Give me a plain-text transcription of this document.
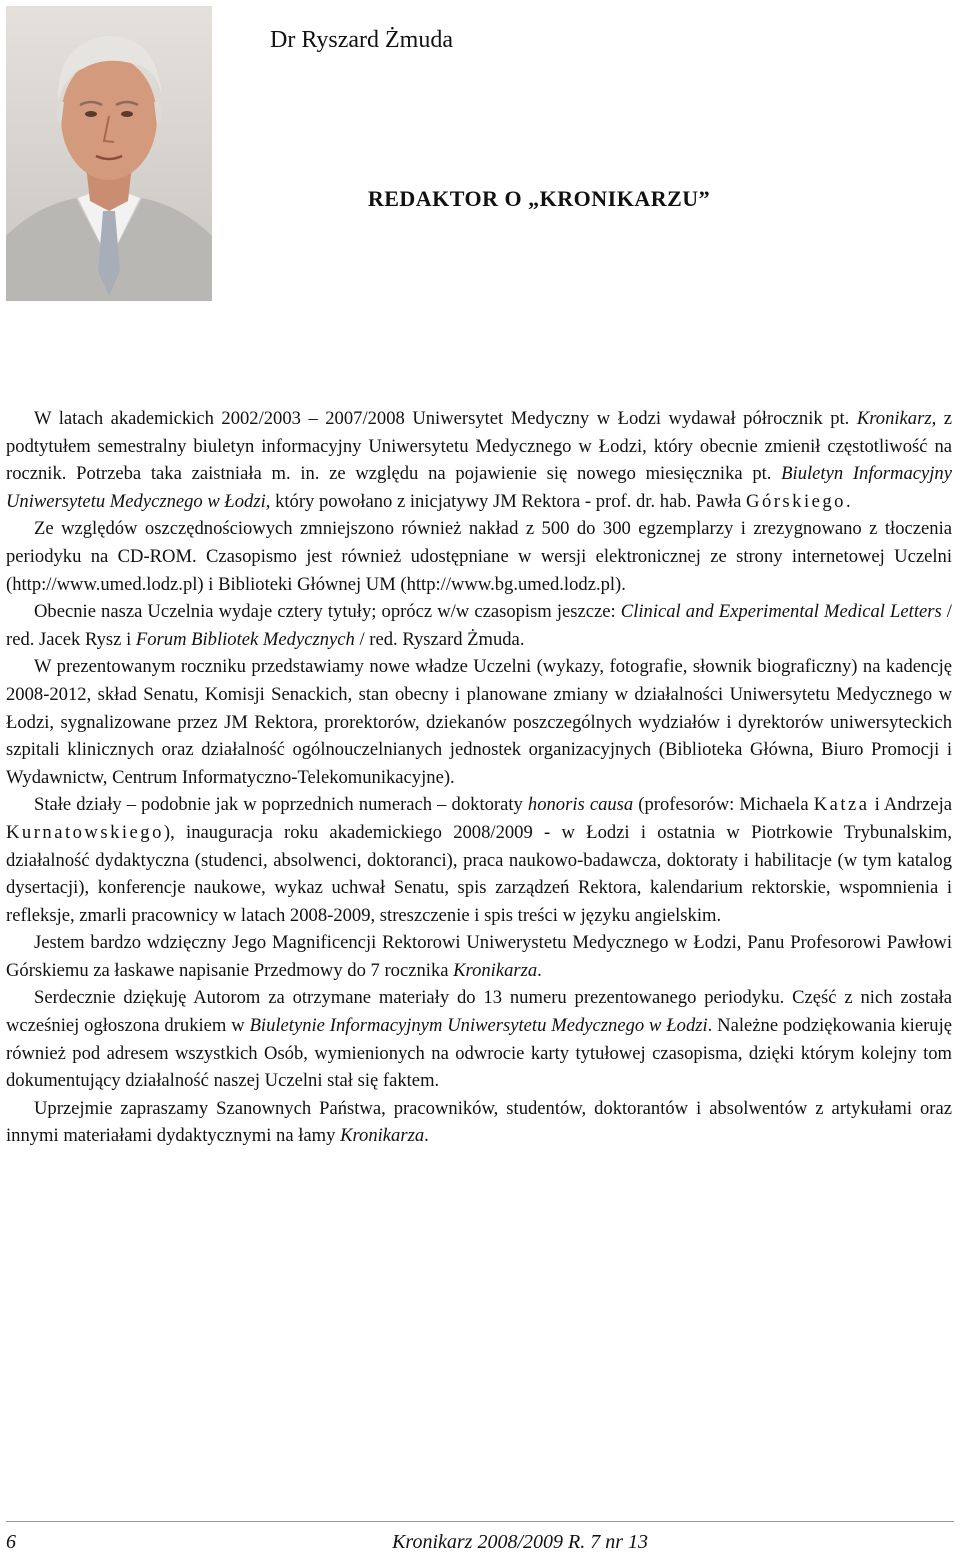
Dr Ryszard Żmuda
REDAKTOR O „KRONIKARZU”

W latach akademickich 2002/2003 – 2007/2008 Uniwersytet Medyczny w Łodzi wydawał półrocznik pt. Kronikarz, z podtytułem semestralny biuletyn informacyjny Uniwersytetu Medycznego w Łodzi, który obecnie zmienił częstotliwość na rocznik. Potrzeba taka zaistniała m. in. ze względu na pojawienie się nowego miesięcznika pt. Biuletyn Informacyjny Uniwersytetu Medycznego w Łodzi, który powołano z inicjatywy JM Rektora - prof. dr. hab. Pawła Górskiego.

Ze względów oszczędnościowych zmniejszono również nakład z 500 do 300 egzemplarzy i zrezygnowano z tłoczenia periodyku na CD-ROM. Czasopismo jest również udostępniane w wersji elektronicznej ze strony internetowej Uczelni (http://www.umed.lodz.pl) i Biblioteki Głównej UM (http://www.bg.umed.lodz.pl).

Obecnie nasza Uczelnia wydaje cztery tytuły; oprócz w/w czasopism jeszcze: Clinical and Experimental Medical Letters / red. Jacek Rysz i Forum Bibliotek Medycznych / red. Ryszard Żmuda.

W prezentowanym roczniku przedstawiamy nowe władze Uczelni (wykazy, fotografie, słownik biograficzny) na kadencję 2008-2012, skład Senatu, Komisji Senackich, stan obecny i planowane zmiany w działalności Uniwersytetu Medycznego w Łodzi, sygnalizowane przez JM Rektora, prorektorów, dziekanów poszczególnych wydziałów i dyrektorów uniwersyteckich szpitali klinicznych oraz działalność ogólnouczelnianych jednostek organizacyjnych (Biblioteka Główna, Biuro Promocji i Wydawnictw, Centrum Informatyczno-Telekomunikacyjne).

Stałe działy – podobnie jak w poprzednich numerach – doktoraty honoris causa (profesorów: Michaela Katza i Andrzeja Kurnatowskiego), inauguracja roku akademickiego 2008/2009 - w Łodzi i ostatnia w Piotrkowie Trybunalskim, działalność dydaktyczna (studenci, absolwenci, doktoranci), praca naukowo-badawcza, doktoraty i habilitacje (w tym katalog dysertacji), konferencje naukowe, wykaz uchwał Senatu, spis zarządzeń Rektora, kalendarium rektorskie, wspomnienia i refleksje, zmarli pracownicy w latach 2008-2009, streszczenie i spis treści w języku angielskim.

Jestem bardzo wdzięczny Jego Magnificencji Rektorowi Uniwerystetu Medycznego w Łodzi, Panu Profesorowi Pawłowi Górskiemu za łaskawe napisanie Przedmowy do 7 rocznika Kronikarza.

Serdecznie dziękuję Autorom za otrzymane materiały do 13 numeru prezentowanego periodyku. Część z nich została wcześniej ogłoszona drukiem w Biuletynie Informacyjnym Uniwersytetu Medycznego w Łodzi. Należne podziękowania kieruję również pod adresem wszystkich Osób, wymienionych na odwrocie karty tytułowej czasopisma, dzięki którym kolejny tom dokumentujący działalność naszej Uczelni stał się faktem.

Uprzejmie zapraszamy Szanownych Państwa, pracowników, studentów, doktorantów i absolwentów z artykułami oraz innymi materiałami dydaktycznymi na łamy Kronikarza.

6	Kronikarz 2008/2009 R. 7 nr 13
